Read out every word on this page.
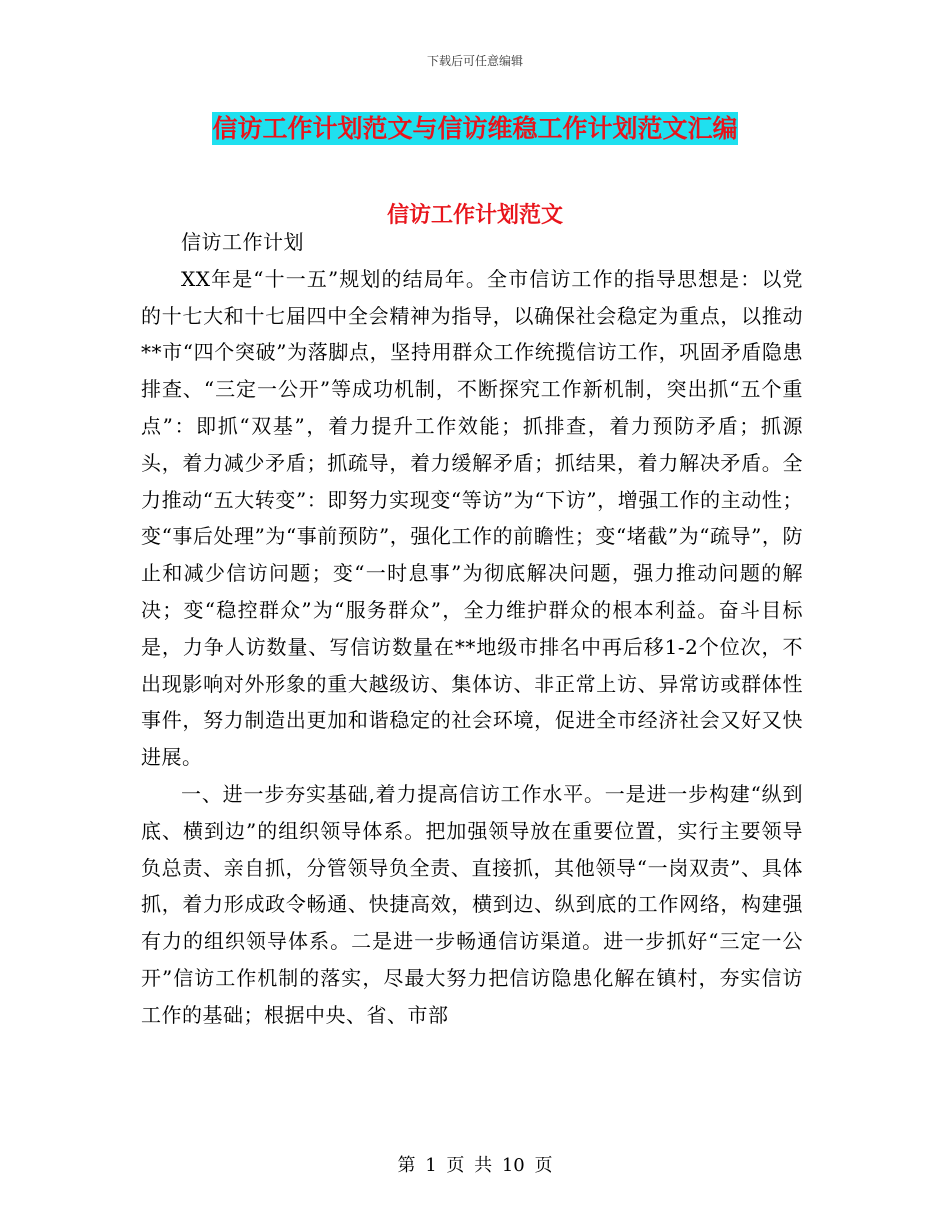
下载后可任意编辑
信访工作计划范文与信访维稳工作计划范文汇编
信访工作计划范文

信访工作计划

XX年是“十一五”规划的结局年。全市信访工作的指导思想是：以党的十七大和十七届四中全会精神为指导，以确保社会稳定为重点，以推动**市“四个突破”为落脚点，坚持用群众工作统揽信访工作，巩固矛盾隐患排查、“三定一公开”等成功机制，不断探究工作新机制，突出抓“五个重点”：即抓“双基”，着力提升工作效能；抓排查，着力预防矛盾；抓源头，着力减少矛盾；抓疏导，着力缓解矛盾；抓结果，着力解决矛盾。全力推动“五大转变”：即努力实现变“等访”为“下访”，增强工作的主动性；变“事后处理”为“事前预防”，强化工作的前瞻性；变“堵截”为“疏导”，防止和减少信访问题；变“一时息事”为彻底解决问题，强力推动问题的解决；变“稳控群众”为“服务群众”，全力维护群众的根本利益。奋斗目标是，力争人访数量、写信访数量在**地级市排名中再后移1-2个位次，不出现影响对外形象的重大越级访、集体访、非正常上访、异常访或群体性事件，努力制造出更加和谐稳定的社会环境，促进全市经济社会又好又快进展。

一、进一步夯实基础,着力提高信访工作水平。一是进一步构建“纵到底、横到边”的组织领导体系。把加强领导放在重要位置，实行主要领导负总责、亲自抓，分管领导负全责、直接抓，其他领导“一岗双责”、具体抓，着力形成政令畅通、快捷高效，横到边、纵到底的工作网络，构建强有力的组织领导体系。二是进一步畅通信访渠道。进一步抓好“三定一公开”信访工作机制的落实，尽最大努力把信访隐患化解在镇村，夯实信访工作的基础；根据中央、省、市部

第 1 页 共 10 页
